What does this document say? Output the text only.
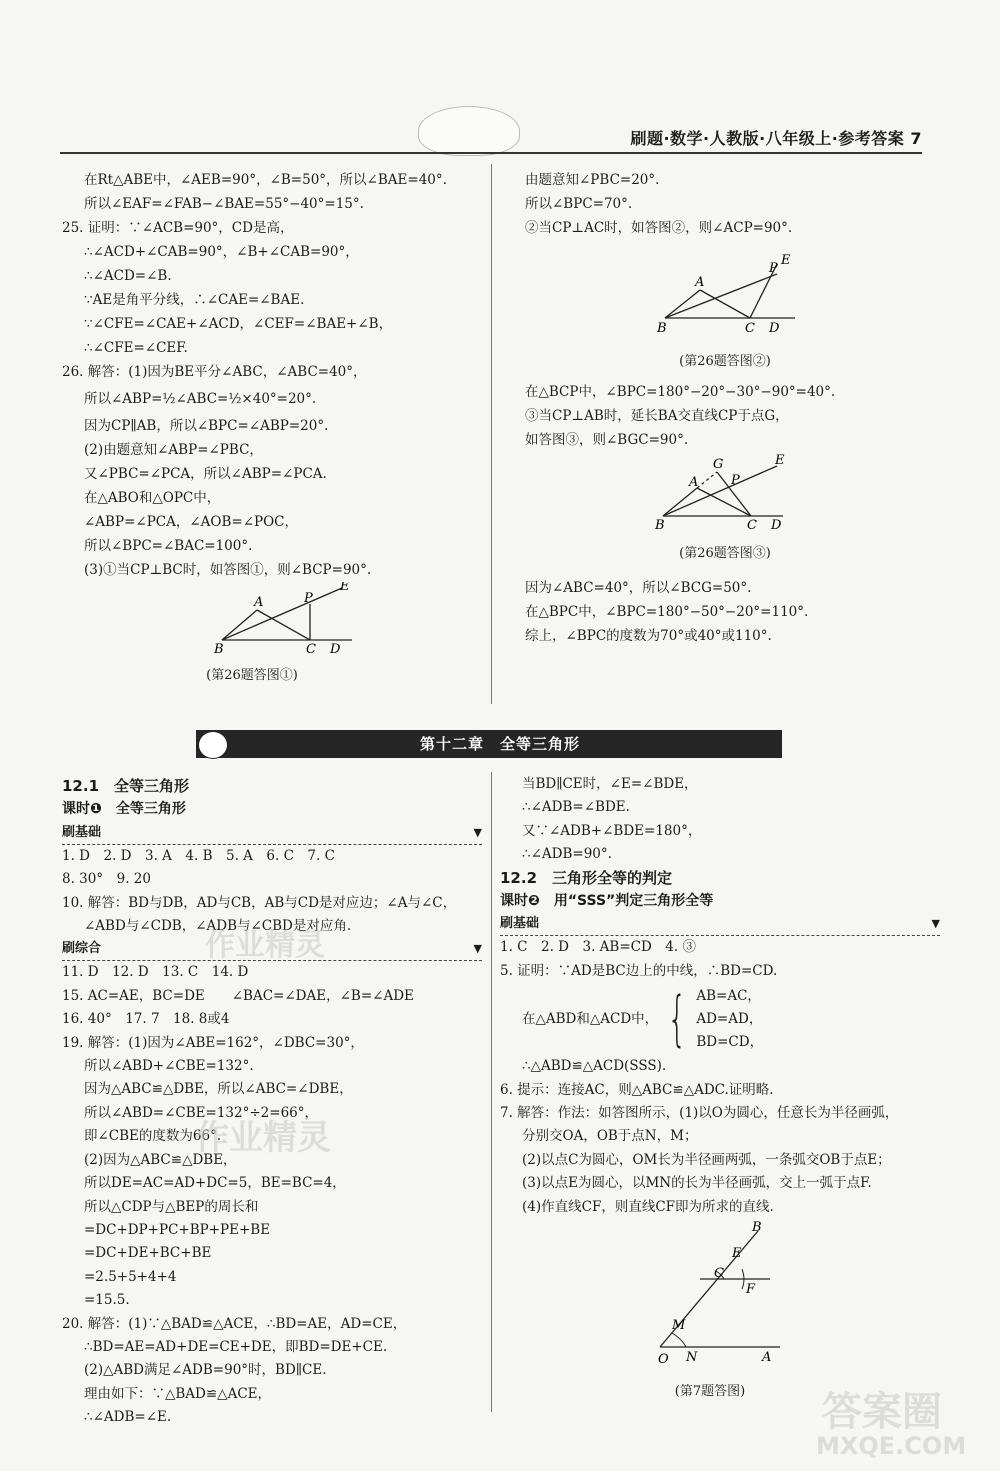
刷题·数学·人教版·八年级上·参考答案 7
在Rt△ABE中，∠AEB=90°，∠B=50°，所以∠BAE=40°.
所以∠EAF=∠FAB−∠BAE=55°−40°=15°.
25. 证明：∵∠ACB=90°，CD是高，
∴∠ACD+∠CAB=90°，∠B+∠CAB=90°，
∴∠ACD=∠B.
∵AE是角平分线，∴∠CAE=∠BAE.
∵∠CFE=∠CAE+∠ACD，∠CEF=∠BAE+∠B，
∴∠CFE=∠CEF.
26. 解答：(1)因为BE平分∠ABC，∠ABC=40°，
所以∠ABP=½∠ABC=½×40°=20°.
因为CP∥AB，所以∠BPC=∠ABP=20°.
(2)由题意知∠ABP=∠PBC，
又∠PBC=∠PCA，所以∠ABP=∠PCA.
在△ABO和△OPC中，
∠ABP=∠PCA，∠AOB=∠POC，
所以∠BPC=∠BAC=100°.
(3)①当CP⊥BC时，如答图①，则∠BCP=90°.
A	P
E
B	C D
(第26题答图①)
由题意知∠PBC=20°.
所以∠BPC=70°.
②当CP⊥AC时，如答图②，则∠ACP=90°.
A
P
E
B	C D
(第26题答图②)
在△BCP中，∠BPC=180°−20°−30°−90°=40°.
③当CP⊥AB时，延长BA交直线CP于点G，
如答图③，则∠BGC=90°.
G	E
A	P
B	C D
(第26题答图③)
因为∠ABC=40°，所以∠BCG=50°.
在△BPC中，∠BPC=180°−50°−20°=110°.
综上，∠BPC的度数为70°或40°或110°.
第十二章　全等三角形
12.1　全等三角形
课时❶　全等三角形
刷基础	▼
1. D　2. D　3. A　4. B　5. A　6. C　7. C
8. 30°　9. 20
10. 解答：BD与DB，AD与CB，AB与CD是对应边；∠A与∠C，
∠ABD与∠CDB，∠ADB与∠CBD是对应角.
刷综合	▼
11. D　12. D　13. C　14. D
15. AC=AE，BC=DE　　∠BAC=∠DAE，∠B=∠ADE
16. 40°　17. 7　18. 8或4
19. 解答：(1)因为∠ABE=162°，∠DBC=30°，
所以∠ABD+∠CBE=132°.
因为△ABC≌△DBE，所以∠ABC=∠DBE，
所以∠ABD=∠CBE=132°÷2=66°，
即∠CBE的度数为66°.
(2)因为△ABC≌△DBE，
所以DE=AC=AD+DC=5，BE=BC=4，
所以△CDP与△BEP的周长和
=DC+DP+PC+BP+PE+BE
=DC+DE+BC+BE
=2.5+5+4+4
=15.5.
20. 解答：(1)∵△BAD≌△ACE，∴BD=AE，AD=CE，
∴BD=AE=AD+DE=CE+DE，即BD=DE+CE.
(2)△ABD满足∠ADB=90°时，BD∥CE.
理由如下：∵△BAD≌△ACE，
∴∠ADB=∠E.
当BD∥CE时，∠E=∠BDE，
∴∠ADB=∠BDE.
又∵∠ADB+∠BDE=180°，
∴∠ADB=90°.
12.2　三角形全等的判定
课时❷　用“SSS”判定三角形全等
刷基础	▼
1. C　2. D　3. AB=CD　4. ③
5. 证明：∵AD是BC边上的中线，∴BD=CD.
在△ABD和△ACD中， { AB=AC，
AD=AD，
BD=CD，
∴△ABD≌△ACD(SSS).
6. 提示：连接AC，则△ABC≌△ADC.证明略.
7. 解答：作法：如答图所示，(1)以O为圆心，任意长为半径画弧，
分别交OA，OB于点N，M；
(2)以点C为圆心，OM长为半径画两弧，一条弧交OB于点E；
(3)以点E为圆心，以MN的长为半径画弧，交上一弧于点F.
(4)作直线CF，则直线CF即为所求的直线.
B
E
C
F
M
O N	A
(第7题答图)
作业精灵
作业精灵
答案圈
MXQE.COM
